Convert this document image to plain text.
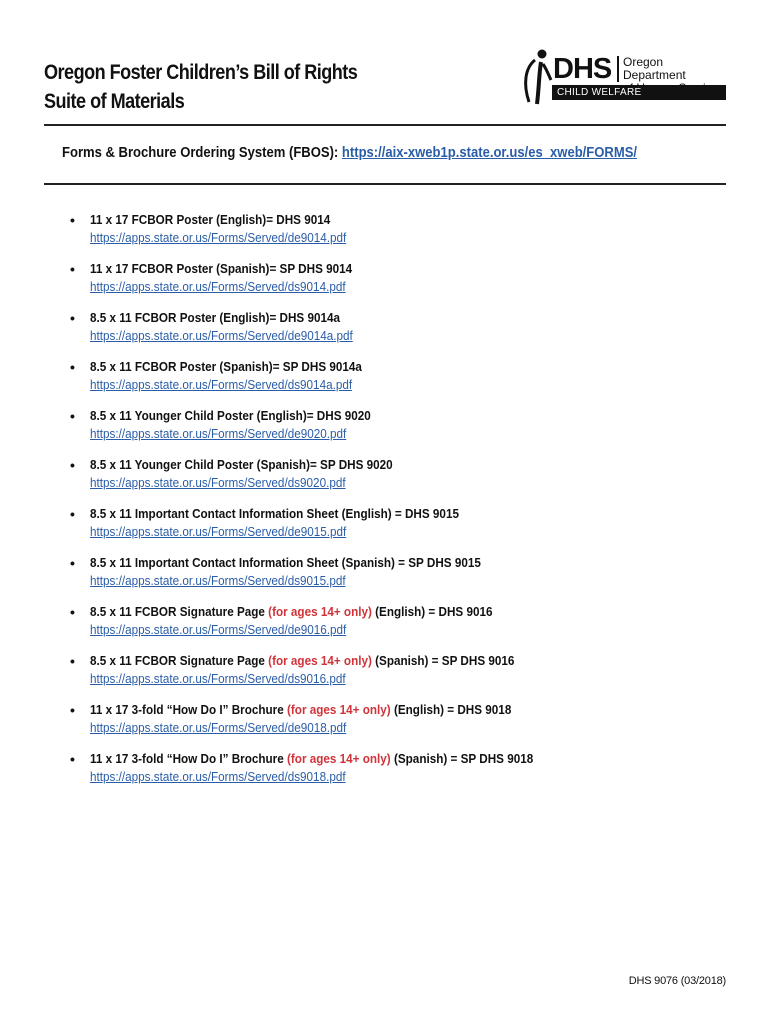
Oregon Foster Children’s Bill of Rights
Suite of Materials
DHS Oregon Department
CHILD WELFARE
Forms & Brochure Ordering System (FBOS): https://aix-xweb1p.state.or.us/es_xweb/FORMS/
• 11 x 17 FCBOR Poster (English)= DHS 9014
https://apps.state.or.us/Forms/Served/de9014.pdf
• 11 x 17 FCBOR Poster (Spanish)= SP DHS 9014
https://apps.state.or.us/Forms/Served/ds9014.pdf
• 8.5 x 11 FCBOR Poster (English)= DHS 9014a
https://apps.state.or.us/Forms/Served/de9014a.pdf
• 8.5 x 11 FCBOR Poster (Spanish)= SP DHS 9014a
https://apps.state.or.us/Forms/Served/ds9014a.pdf
• 8.5 x 11 Younger Child Poster (English)= DHS 9020
https://apps.state.or.us/Forms/Served/de9020.pdf
• 8.5 x 11 Younger Child Poster (Spanish)= SP DHS 9020
https://apps.state.or.us/Forms/Served/ds9020.pdf
• 8.5 x 11 Important Contact Information Sheet (English) = DHS 9015
https://apps.state.or.us/Forms/Served/de9015.pdf
• 8.5 x 11 Important Contact Information Sheet (Spanish) = SP DHS 9015
https://apps.state.or.us/Forms/Served/ds9015.pdf
• 8.5 x 11 FCBOR Signature Page (for ages 14+ only) (English) = DHS 9016
https://apps.state.or.us/Forms/Served/de9016.pdf
• 8.5 x 11 FCBOR Signature Page (for ages 14+ only) (Spanish) = SP DHS 9016
https://apps.state.or.us/Forms/Served/ds9016.pdf
• 11 x 17 3-fold “How Do I” Brochure (for ages 14+ only) (English) = DHS 9018
https://apps.state.or.us/Forms/Served/de9018.pdf
• 11 x 17 3-fold “How Do I” Brochure (for ages 14+ only) (Spanish) = SP DHS 9018
https://apps.state.or.us/Forms/Served/ds9018.pdf
DHS 9076 (03/2018)
